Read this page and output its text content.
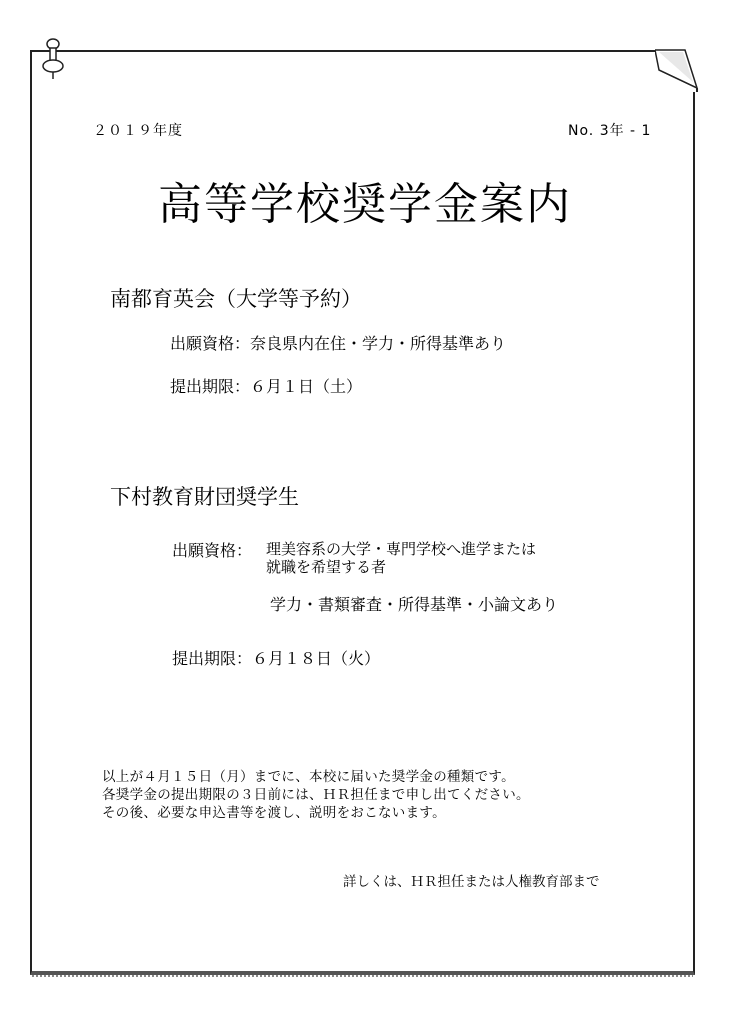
２０１９年度	No. 3年 - 1
高等学校奨学金案内
南都育英会（大学等予約）
出願資格：奈良県内在住・学力・所得基準あり
提出期限：６月１日（土）
下村教育財団奨学生
出願資格： 理美容系の大学・専門学校へ進学または
就職を希望する者
学力・書類審査・所得基準・小論文あり
提出期限：６月１８日（火）
以上が４月１５日（月）までに、本校に届いた奨学金の種類です。
各奨学金の提出期限の３日前には、ＨＲ担任まで申し出てください。
その後、必要な申込書等を渡し、説明をおこないます。
詳しくは、ＨＲ担任または人権教育部まで
